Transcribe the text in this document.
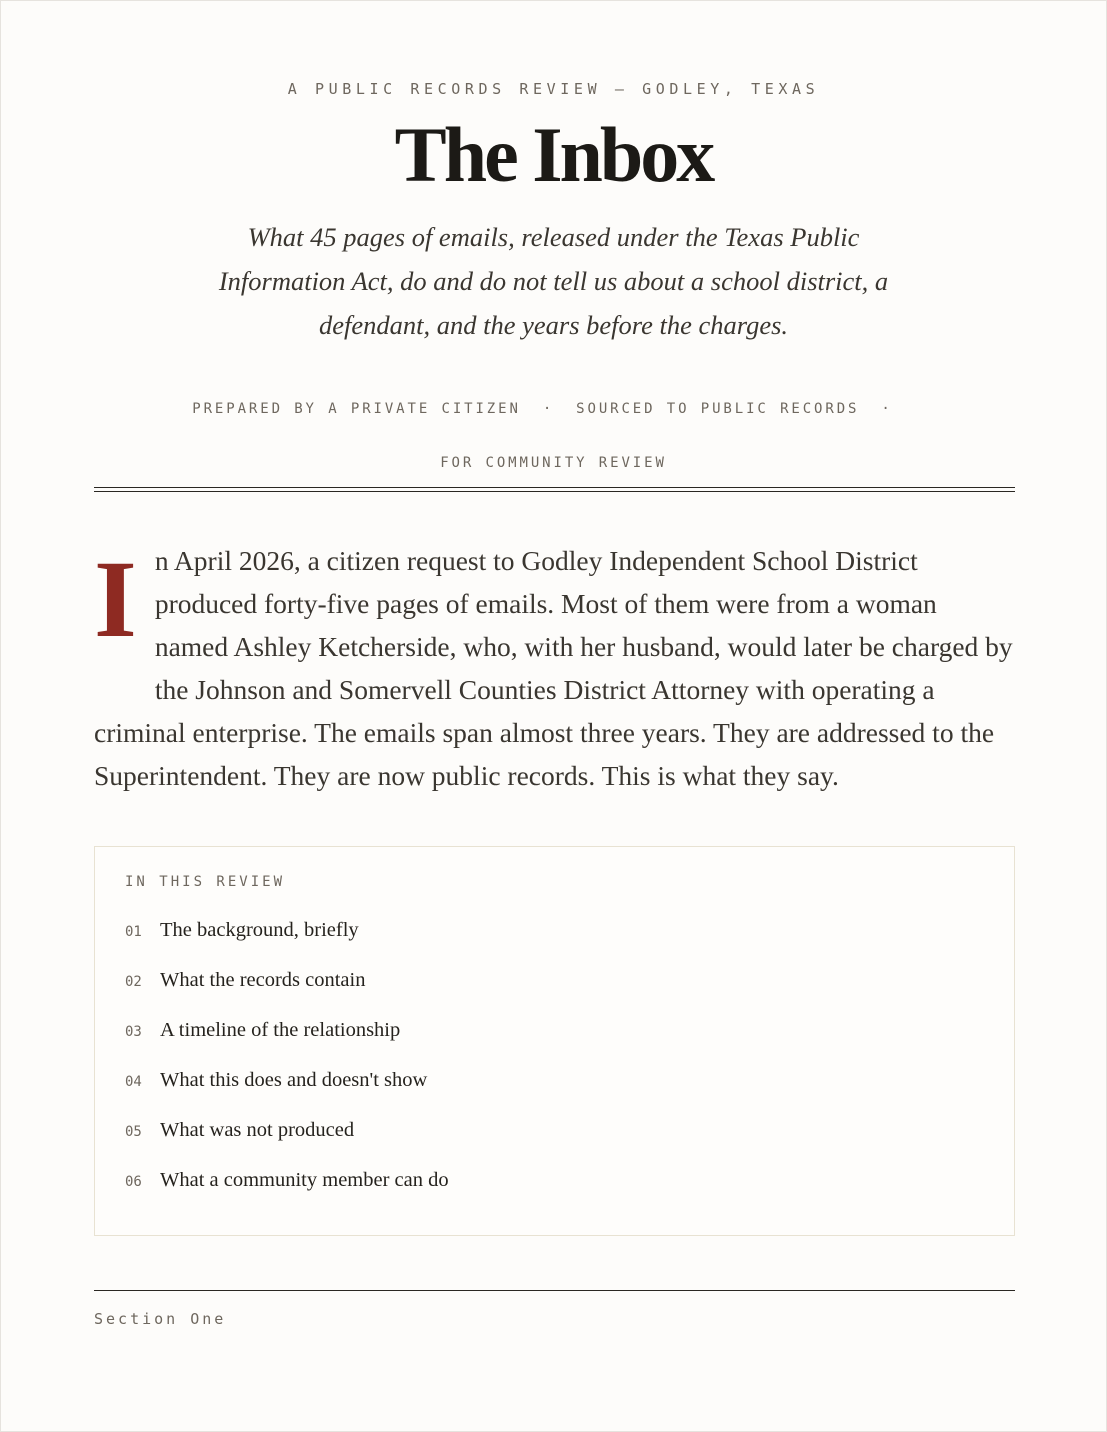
A PUBLIC RECORDS REVIEW — GODLEY, TEXAS
The Inbox

What 45 pages of emails, released under the Texas Public Information Act, do and do not tell us about a school district, a defendant, and the years before the charges.

PREPARED BY A PRIVATE CITIZEN · SOURCED TO PUBLIC RECORDS ·
FOR COMMUNITY REVIEW
In April 2026, a citizen request to Godley Independent School District produced forty-five pages of emails. Most of them were from a woman named Ashley Ketcherside, who, with her husband, would later be charged by the Johnson and Somervell Counties District Attorney with operating a criminal enterprise. The emails span almost three years. They are addressed to the Superintendent. They are now public records. This is what they say.
IN THIS REVIEW
01 The background, briefly
02 What the records contain
03 A timeline of the relationship
04 What this does and doesn't show
05 What was not produced
06 What a community member can do
Section One
